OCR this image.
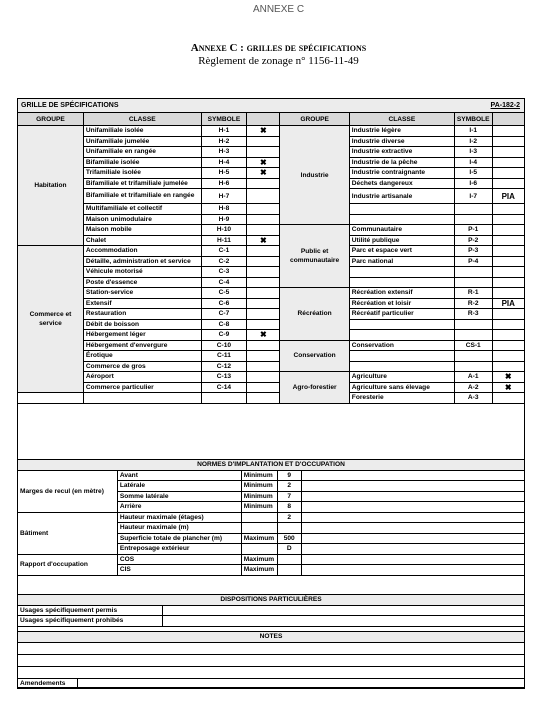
ANNEXE C
Annexe C : grilles de spécifications
Règlement de zonage n° 1156-11-49
GRILLE DE SPÉCIFICATIONS	PA-182-2
GROUPE	CLASSE	SYMBOLE		GROUPE	CLASSE	SYMBOLE	
Habitation	Unifamiliale isolée	H-1	✖	Industrie	Industrie légère	I-1	
	Unifamiliale jumelée	H-2			Industrie diverse	I-2	
	Unifamiliale en rangée	H-3			Industrie extractive	I-3	
	Bifamiliale isolée	H-4	✖		Industrie de la pêche	I-4	
	Trifamiliale isolée	H-5	✖		Industrie contraignante	I-5	
	Bifamiliale et trifamiliale jumelée	H-6			Déchets dangereux	I-6	
	Bifamiliale et trifamiliale en rangée	H-7			Industrie artisanale	I-7	PIA
	Multifamiliale et collectif	H-8					
	Maison unimodulaire	H-9					
	Maison mobile	H-10		Public et communautaire	Communautaire	P-1	
	Chalet	H-11	✖		Utilité publique	P-2	
Commerce et service	Accommodation	C-1			Parc et espace vert	P-3	
	Détaille, administration et service	C-2			Parc national	P-4	
	Véhicule motorisé	C-3					
	Poste d'essence	C-4					
	Station-service	C-5		Récréation	Récréation extensif	R-1	
	Extensif	C-6			Récréation et loisir	R-2	PIA
	Restauration	C-7			Récréatif particulier	R-3	
	Débit de boisson	C-8					
	Hébergement léger	C-9	✖				
	Hébergement d'envergure	C-10		Conservation	Conservation	CS-1	
	Érotique	C-11					
	Commerce de gros	C-12					
	Aéroport	C-13		Agro-forestier	Agriculture	A-1	✖
	Commerce particulier	C-14			Agriculture sans élevage	A-2	✖
					Foresterie	A-3	
NORMES D'IMPLANTATION ET D'OCCUPATION				
Marges de recul (en mètre)	Avant	Minimum	9	
	Latérale	Minimum	2	
	Somme latérale	Minimum	7	
	Arrière	Minimum	8	
Bâtiment	Hauteur maximale (étages)		2	
	Hauteur maximale (m)			
	Superficie totale de plancher (m)	Maximum	500	
	Entreposage extérieur		D	
Rapport d'occupation	COS	Maximum		
	CIS	Maximum		
DISPOSITIONS PARTICULIÈRES	
Usages spécifiquement permis	
Usages spécifiquement prohibés	
NOTES

Amendements	
